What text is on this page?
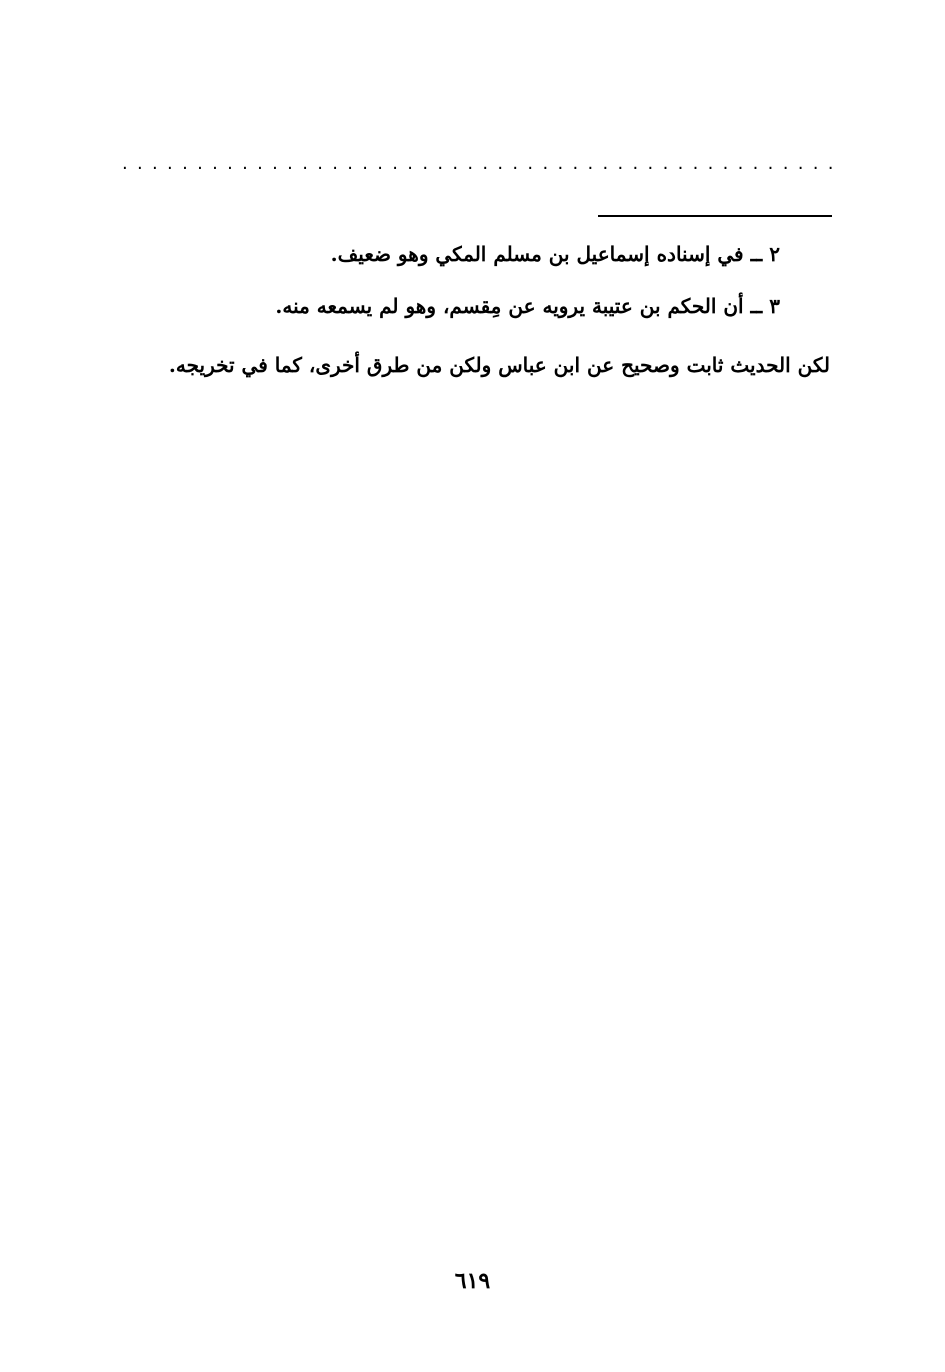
. . . . . . . . . . . . . . . . . . . . . . . . . . . . . . . . . . . . . . . . . . . . . . . .
٢ ــ في إسناده إسماعيل بن مسلم المكي وهو ضعيف.
٣ ــ أن الحكم بن عتيبة يرويه عن مِقسم، وهو لم يسمعه منه.
لكن الحديث ثابت وصحيح عن ابن عباس ولكن من طرق أخرى، كما في تخريجه.
٦١٩
